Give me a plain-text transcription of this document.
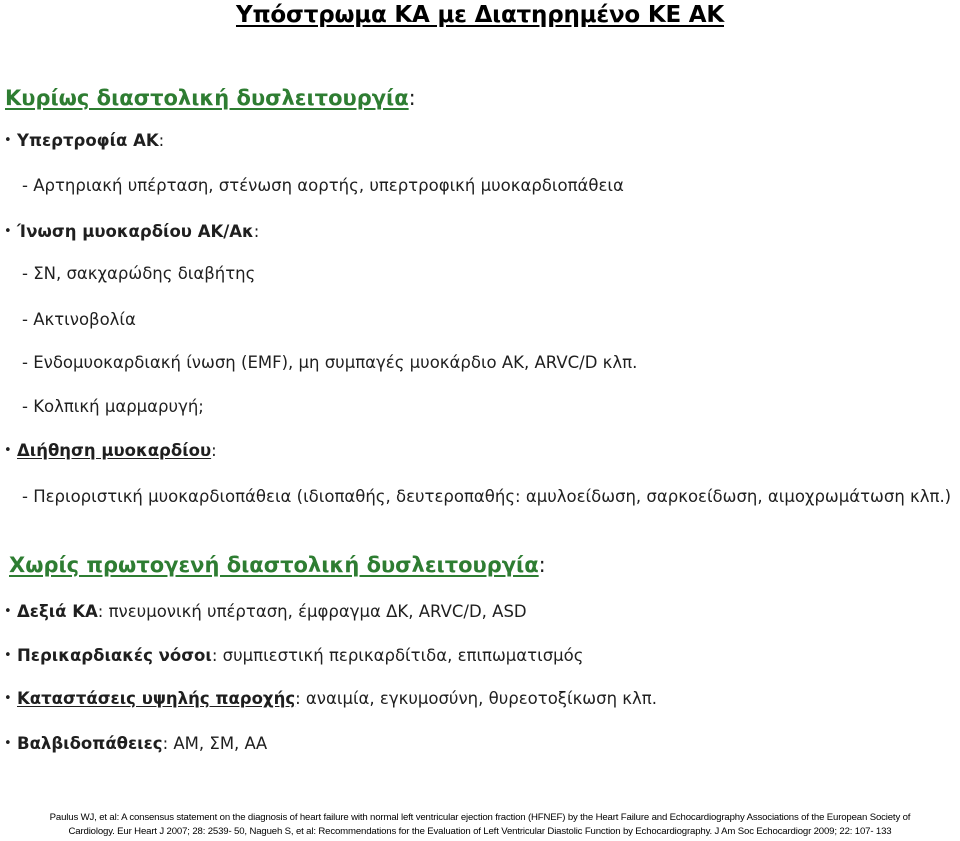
Υπόστρωμα ΚΑ με Διατηρημένο ΚΕ ΑΚ
Κυρίως διαστολική δυσλειτουργία:
• Υπερτροφία ΑΚ:
- Αρτηριακή υπέρταση, στένωση αορτής, υπερτροφική μυοκαρδιοπάθεια
• Ίνωση μυοκαρδίου ΑΚ/Ακ:
- ΣΝ, σακχαρώδης διαβήτης
- Ακτινοβολία
- Ενδομυοκαρδιακή ίνωση (EMF), μη συμπαγές μυοκάρδιο ΑΚ, ARVC/D κλπ.
- Κολπική μαρμαρυγή;
• Διήθηση μυοκαρδίου:
- Περιοριστική μυοκαρδιοπάθεια (ιδιοπαθής, δευτεροπαθής: αμυλοείδωση, σαρκοείδωση, αιμοχρωμάτωση κλπ.)
Χωρίς πρωτογενή διαστολική δυσλειτουργία:
• Δεξιά ΚΑ: πνευμονική υπέρταση, έμφραγμα ΔΚ, ARVC/D, ASD
• Περικαρδιακές νόσοι: συμπιεστική περικαρδίτιδα, επιπωματισμός
• Καταστάσεις υψηλής παροχής: αναιμία, εγκυμοσύνη, θυρεοτοξίκωση κλπ.
• Βαλβιδοπάθειες: ΑΜ, ΣΜ, ΑΑ
Paulus WJ, et al: A consensus statement on the diagnosis of heart failure with normal left ventricular ejection fraction (HFNEF) by the Heart Failure and Echocardiography Associations of the European Society of
Cardiology. Eur Heart J 2007; 28: 2539- 50, Nagueh S, et al: Recommendations for the Evaluation of Left Ventricular Diastolic Function by Echocardiography. J Am Soc Echocardiogr 2009; 22: 107- 133
